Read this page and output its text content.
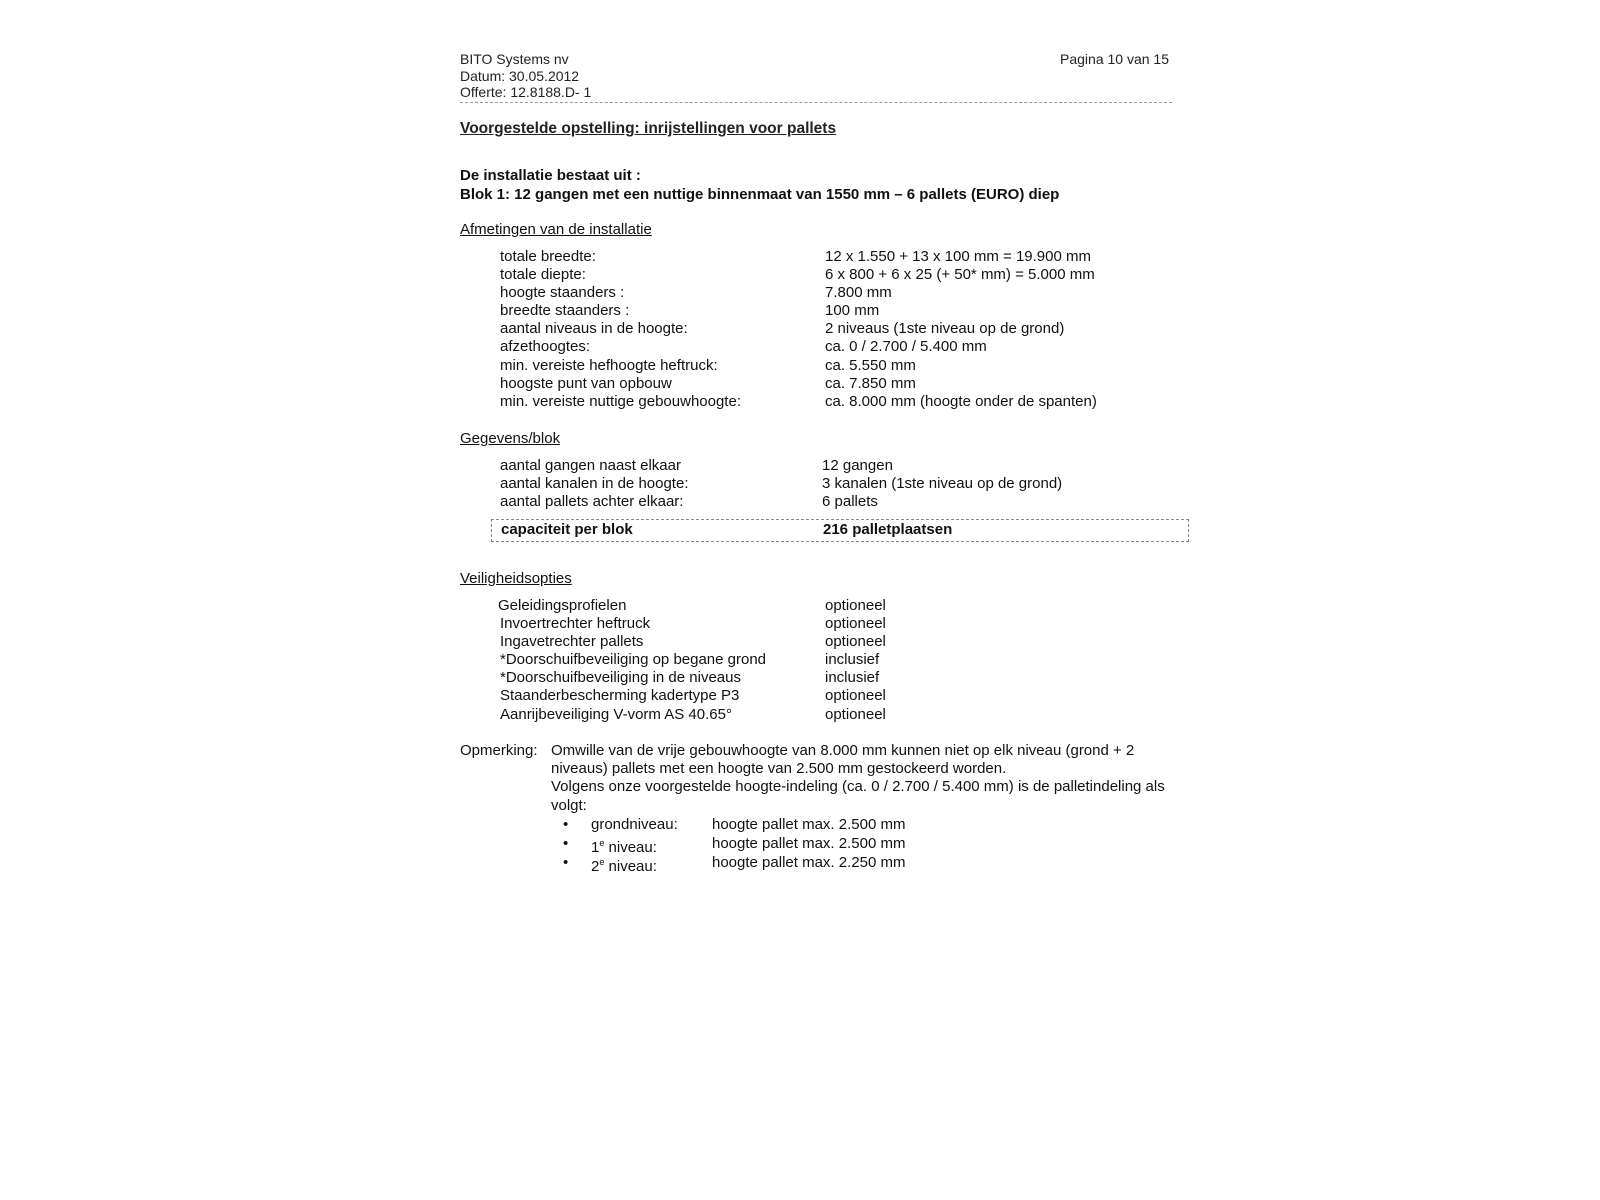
BITO Systems nv
Datum: 30.05.2012
Offerte: 12.8188.D- 1
Pagina 10 van 15
Voorgestelde opstelling: inrijstellingen voor pallets
De installatie bestaat uit :
Blok 1: 12 gangen met een nuttige binnenmaat van 1550 mm – 6 pallets (EURO) diep
Afmetingen van de installatie
totale breedte:	12 x 1.550 + 13 x 100 mm = 19.900 mm
totale diepte:	6 x 800 + 6 x 25 (+ 50* mm) = 5.000 mm
hoogte staanders :	7.800 mm
breedte staanders :	100 mm
aantal niveaus in de hoogte:	2 niveaus (1ste niveau op de grond)
afzethoogtes:	ca. 0 / 2.700 / 5.400 mm
min. vereiste hefhoogte heftruck:	ca. 5.550 mm
hoogste punt van opbouw	ca. 7.850 mm
min. vereiste nuttige gebouwhoogte:	ca. 8.000 mm (hoogte onder de spanten)
Gegevens/blok
aantal gangen naast elkaar	12 gangen
aantal kanalen in de hoogte:	3 kanalen (1ste niveau op de grond)
aantal pallets achter elkaar:	6 pallets
capaciteit per blok	216 palletplaatsen
Veiligheidsopties
Geleidingsprofielen	optioneel
Invoertrechter heftruck	optioneel
Ingavetrechter pallets	optioneel
*Doorschuifbeveiliging op begane grond	inclusief
*Doorschuifbeveiliging in de niveaus	inclusief
Staanderbescherming kadertype P3	optioneel
Aanrijbeveiliging V-vorm AS 40.65°	optioneel
Opmerking: Omwille van de vrije gebouwhoogte van 8.000 mm kunnen niet op elk niveau (grond + 2 niveaus) pallets met een hoogte van 2.500 mm gestockeerd worden.

Volgens onze voorgestelde hoogte-indeling (ca. 0 / 2.700 / 5.400 mm) is de palletindeling als volgt:

• grondniveau: hoogte pallet max. 2.500 mm
• 1e niveau:	hoogte pallet max. 2.500 mm
• 2e niveau:	hoogte pallet max. 2.250 mm
